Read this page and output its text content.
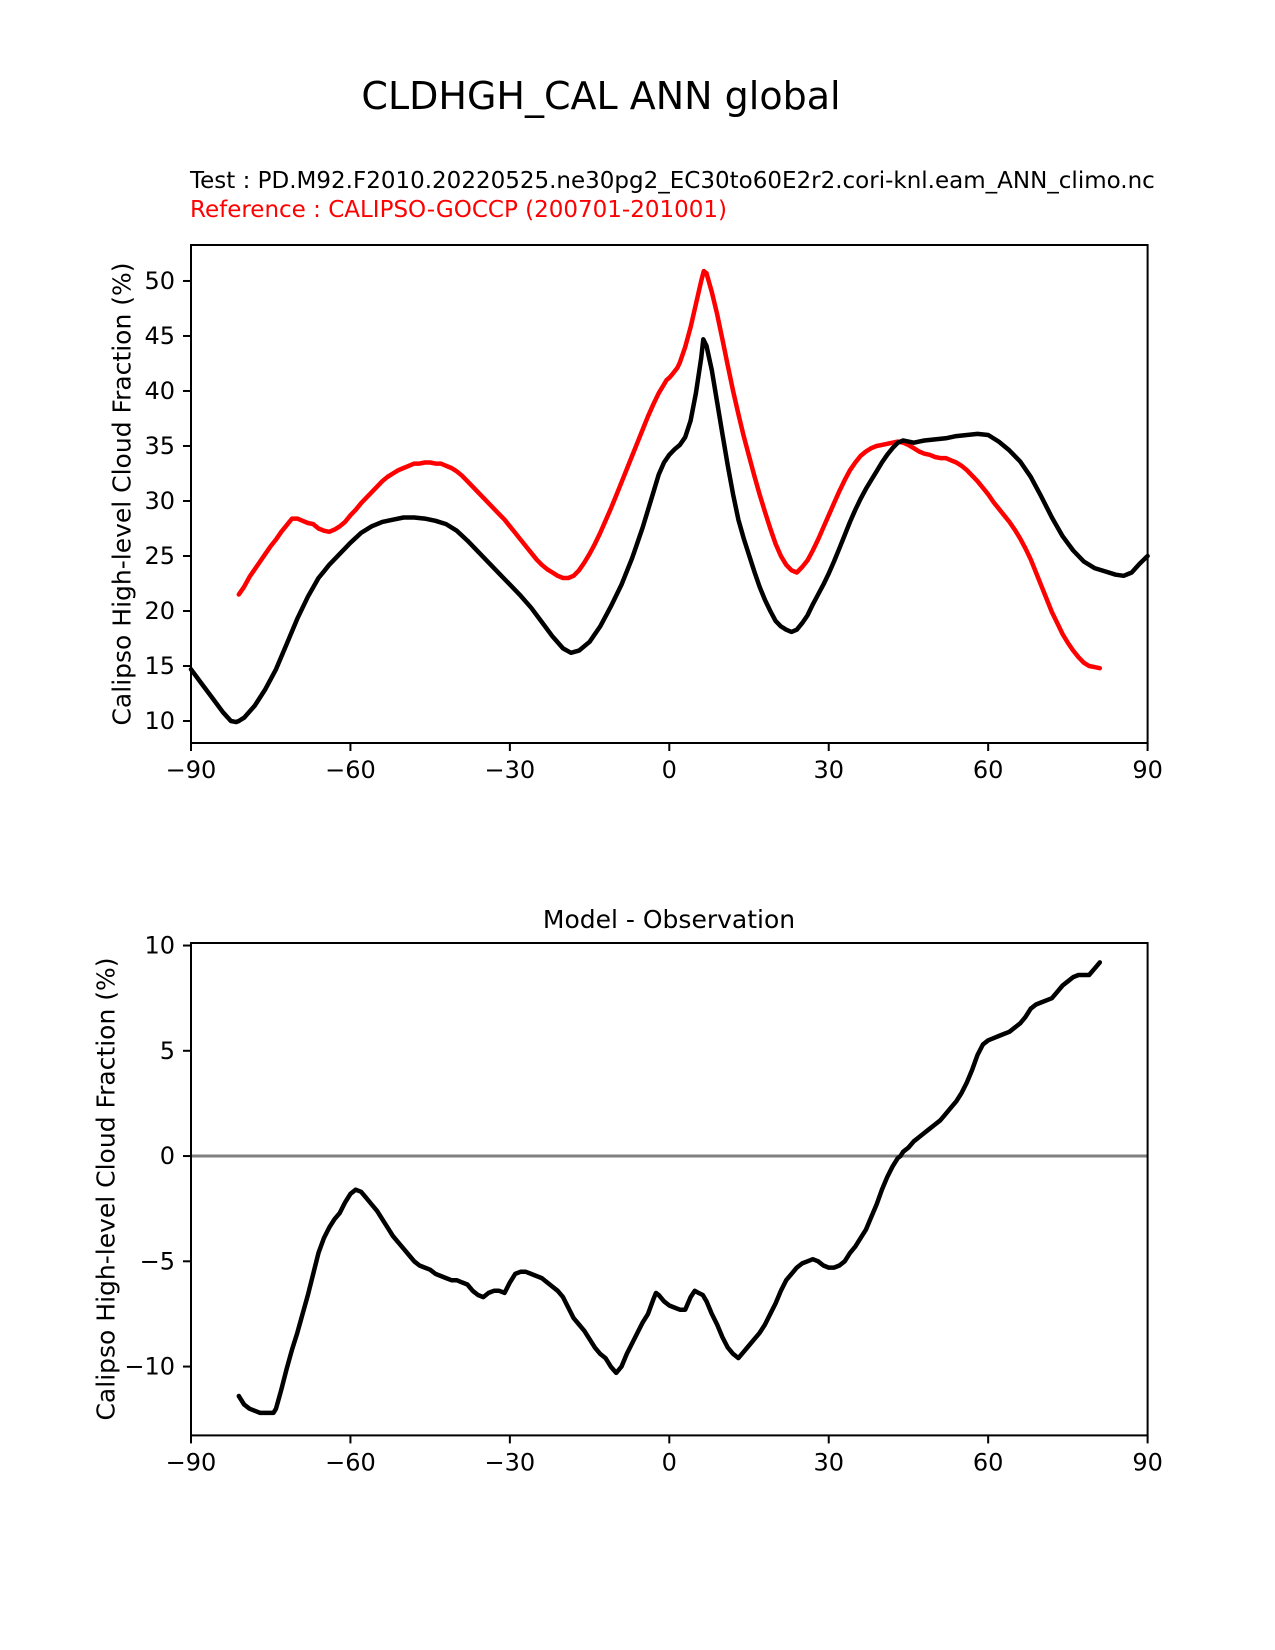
CLDHGH_CAL ANN global
Test : PD.M92.F2010.20220525.ne30pg2_EC30to60E2r2.cori-knl.eam_ANN_climo.nc
Reference : CALIPSO-GOCCP (200701-201001)
Model - Observation
Calipso High-level Cloud Fraction (%)
Calipso High-level Cloud Fraction (%)
−90	−60	−30	0	30	60	90
10
15
20
25
30
35
40
45
50
−90	−60	−30	0	30	60	90
−10
−5
0
5
10
